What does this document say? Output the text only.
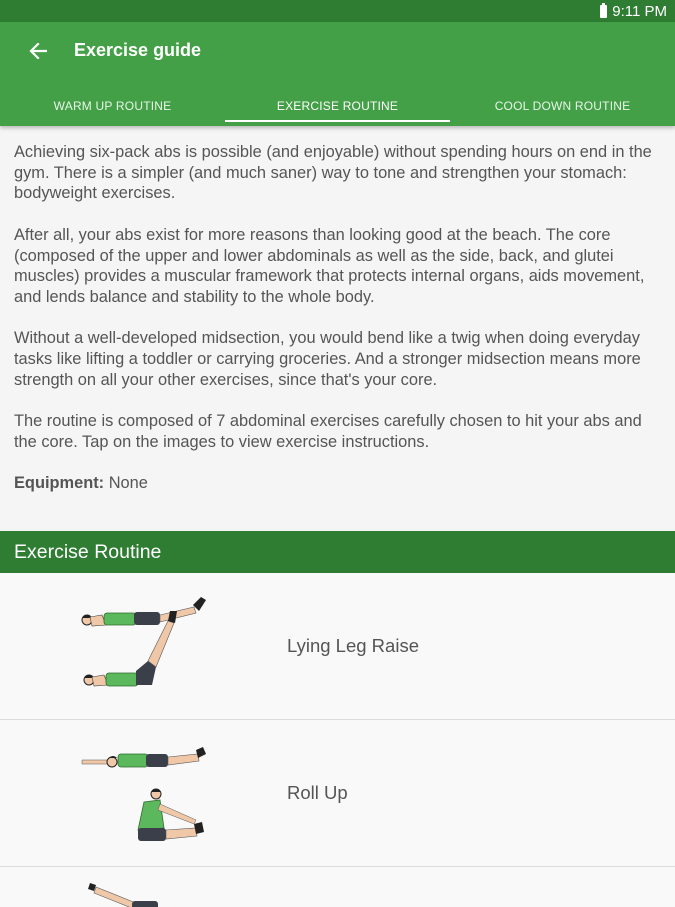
9:11 PM
Exercise guide
WARM UP ROUTINE	EXERCISE ROUTINE	COOL DOWN ROUTINE

Achieving six-pack abs is possible (and enjoyable) without spending hours on end in the gym. There is a simpler (and much saner) way to tone and strengthen your stomach: bodyweight exercises.

After all, your abs exist for more reasons than looking good at the beach. The core (composed of the upper and lower abdominals as well as the side, back, and glutei muscles) provides a muscular framework that protects internal organs, aids movement, and lends balance and stability to the whole body.

Without a well-developed midsection, you would bend like a twig when doing everyday tasks like lifting a toddler or carrying groceries. And a stronger midsection means more strength on all your other exercises, since that's your core.

The routine is composed of 7 abdominal exercises carefully chosen to hit your abs and the core. Tap on the images to view exercise instructions.

Equipment: None

Exercise Routine
Lying Leg Raise
Roll Up
